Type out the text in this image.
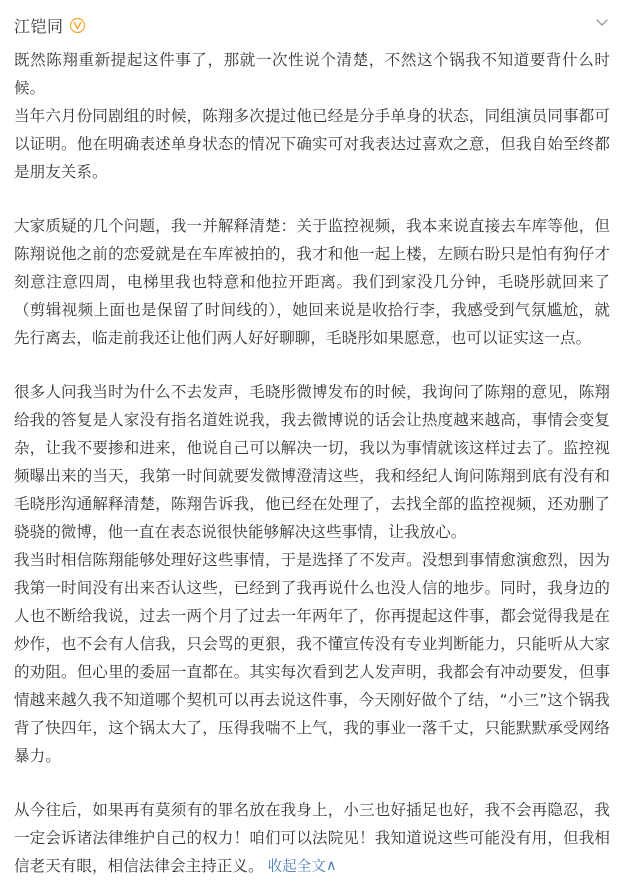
江铠同

既然陈翔重新提起这件事了，那就一次性说个清楚，不然这个锅我不知道要背什么时候。

当年六月份同剧组的时候，陈翔多次提过他已经是分手单身的状态，同组演员同事都可以证明。他在明确表述单身状态的情况下确实可对我表达过喜欢之意，但我自始至终都是朋友关系。

大家质疑的几个问题，我一并解释清楚：关于监控视频，我本来说直接去车库等他，但陈翔说他之前的恋爱就是在车库被拍的，我才和他一起上楼，左顾右盼只是怕有狗仔才刻意注意四周，电梯里我也特意和他拉开距离。我们到家没几分钟，毛晓彤就回来了（剪辑视频上面也是保留了时间线的），她回来说是收拾行李，我感受到气氛尴尬，就先行离去，临走前我还让他们两人好好聊聊，毛晓彤如果愿意，也可以证实这一点。

很多人问我当时为什么不去发声，毛晓彤微博发布的时候，我询问了陈翔的意见，陈翔给我的答复是人家没有指名道姓说我，我去微博说的话会让热度越来越高，事情会变复杂，让我不要掺和进来，他说自己可以解决一切，我以为事情就该这样过去了。监控视频曝出来的当天，我第一时间就要发微博澄清这些，我和经纪人询问陈翔到底有没有和毛晓彤沟通解释清楚，陈翔告诉我，他已经在处理了，去找全部的监控视频，还劝删了骁骁的微博，他一直在表态说很快能够解决这些事情，让我放心。

我当时相信陈翔能够处理好这些事情，于是选择了不发声。没想到事情愈演愈烈，因为我第一时间没有出来否认这些，已经到了我再说什么也没人信的地步。同时，我身边的人也不断给我说，过去一两个月了过去一年两年了，你再提起这件事，都会觉得我是在炒作，也不会有人信我，只会骂的更狠，我不懂宣传没有专业判断能力，只能听从大家的劝阻。但心里的委屈一直都在。其实每次看到艺人发声明，我都会有冲动要发，但事情越来越久我不知道哪个契机可以再去说这件事，今天刚好做个了结，“小三”这个锅我背了快四年，这个锅太大了，压得我喘不上气，我的事业一落千丈，只能默默承受网络暴力。

从今往后，如果再有莫须有的罪名放在我身上，小三也好插足也好，我不会再隐忍，我一定会诉诸法律维护自己的权力！咱们可以法院见！我知道说这些可能没有用，但我相信老天有眼，相信法律会主持正义。 收起全文∧
